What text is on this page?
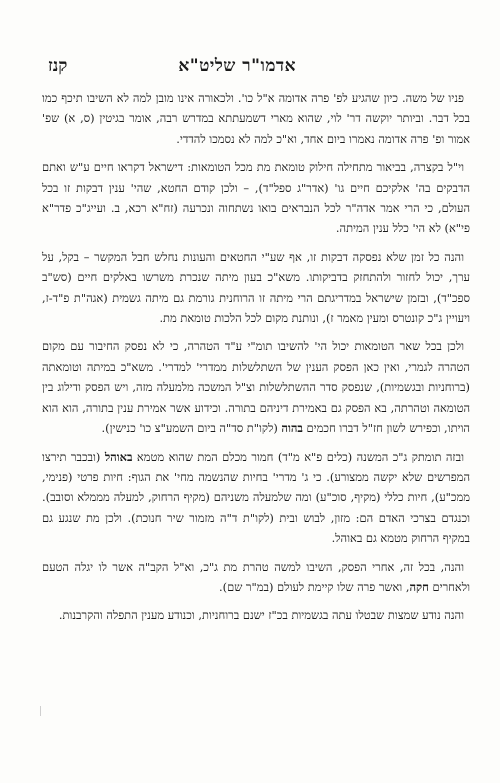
אדמו"ר שליט"א
קנז

פניו של משה. כיון שהגיע לפ' פרה אדומה א"ל כו'. ולכאורה אינו מובן למה לא השיבו תיכף כמו בכל דבר. וביותר יוקשה דר' לוי, שהוא מארי דשמעתתא במדרש רבה, אומר בגיטין (ס, א) שפ' אמור ופ' פרה אדומה נאמרו ביום אחד, וא"כ למה לא נסמכו להדדי.

וי"ל בקצרה, בביאור מתחילה חילוק טומאת מת מכל הטומאות: דישראל דקראו חיים ע"ש ואתם הדבקים בה' אלקיכם חיים גו' (אדר"ג ספל"ד), – ולכן קודם החטא, שהי' ענין דבקות זו בכל העולם, כי הרי אמר אדה"ר לכל הנבראים בואו נשתחוה ונכרעה (זח"א רכא, ב. ועייג"כ פדר"א פי"א) לא הי' כלל ענין המיתה.

והנה כל זמן שלא נפסקה דבקות זו, אף שע"י החטאים והעונות נחלש חבל המקשר – בקל, על ערך, יכול לחזור ולהתחזק בדביקותו. משא"כ בעון מיתה שנכרת משרשו באלקים חיים (סש"ב ספכ"ד), ובזמן שישראל במדריגתם הרי מיתה זו הרוחנית גורמת גם מיתה גשמית (אגה"ת פ"ד-ז, ויעויין ג"כ קונטרס ומעין מאמר ז), ונותנת מקום לכל הלכות טומאת מת.

ולכן בכל שאר הטומאות יכול הי' להשיבו תומ"י ע"ד הטהרה, כי לא נפסק החיבור עם מקום הטהרה לגמרי, ואין כאן הפסק הענין של השתלשלות ממדרי' למדרי'. משא"כ במיתה וטומאתה (ברוחניות ובגשמיות), שנפסק סדר ההשתלשלות וצ"ל המשכה מלמעלה מזה, ויש הפסק ודילוג בין הטומאה וטהרתה, בא הפסק גם באמירת דיניהם בתורה. וכידוע אשר אמירת ענין בתורה, הוא הוא הויתו, וכפירש לשון חז"ל דברו חכמים בהוה (לקו"ת סד"ה ביום השמע"צ כו' כנישין).

ובזה תומתק ג"כ המשנה (כלים פ"א מ"ד) חמור מכלם המת שהוא מטמא באוהל (ובכבר תירצו המפרשים שלא יקשה ממצורע). כי ג' מדרי' בחיות שהנשמה מחי' את הגוף: חיות פרטי (פנימי, ממכ"ע), חיות כללי (מקיף, סוכ"ע) ומה שלמעלה משניהם (מקיף הרחוק, למעלה מממלא וסובב). וכנגדם בצרכי האדם הם: מזון, לבוש ובית (לקו"ת ד"ה מזמור שיר חנוכת). ולכן מת שנגע גם במקיף הרחוק מטמא גם באוהל.

והנה, בכל זה, אחרי הפסק, השיבו למשה טהרת מת ג"כ, וא"ל הקב"ה אשר לו יגלה הטעם ולאחרים חקה, ואשר פרה שלו קיימת לעולם (במ"ר שם).

והנה נודע שמצות שבטלו עתה בגשמיות בכ"ז ישנם ברוחניות, וכנודע מענין התפלה והקרבנות.
